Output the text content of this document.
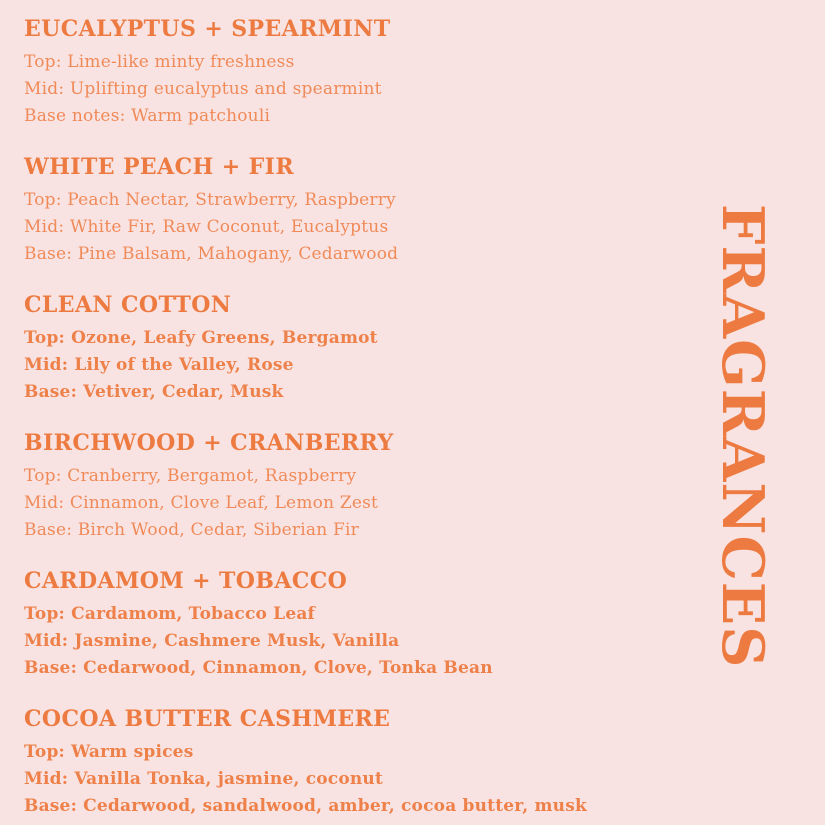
EUCALYPTUS + SPEARMINT

Top: Lime-like minty freshness

Mid: Uplifting eucalyptus and spearmint

Base notes: Warm patchouli

WHITE PEACH + FIR

Top: Peach Nectar, Strawberry, Raspberry

Mid: White Fir, Raw Coconut, Eucalyptus

Base: Pine Balsam, Mahogany, Cedarwood

CLEAN COTTON

Top: Ozone, Leafy Greens, Bergamot

Mid: Lily of the Valley, Rose

Base: Vetiver, Cedar, Musk

BIRCHWOOD + CRANBERRY

Top: Cranberry, Bergamot, Raspberry

Mid: Cinnamon, Clove Leaf, Lemon Zest

Base: Birch Wood, Cedar, Siberian Fir

CARDAMOM + TOBACCO

Top: Cardamom, Tobacco Leaf

Mid: Jasmine, Cashmere Musk, Vanilla

Base: Cedarwood, Cinnamon, Clove, Tonka Bean

COCOA BUTTER CASHMERE

Top: Warm spices

Mid: Vanilla Tonka, jasmine, coconut

Base: Cedarwood, sandalwood, amber, cocoa butter, musk

FRAGRANCES
